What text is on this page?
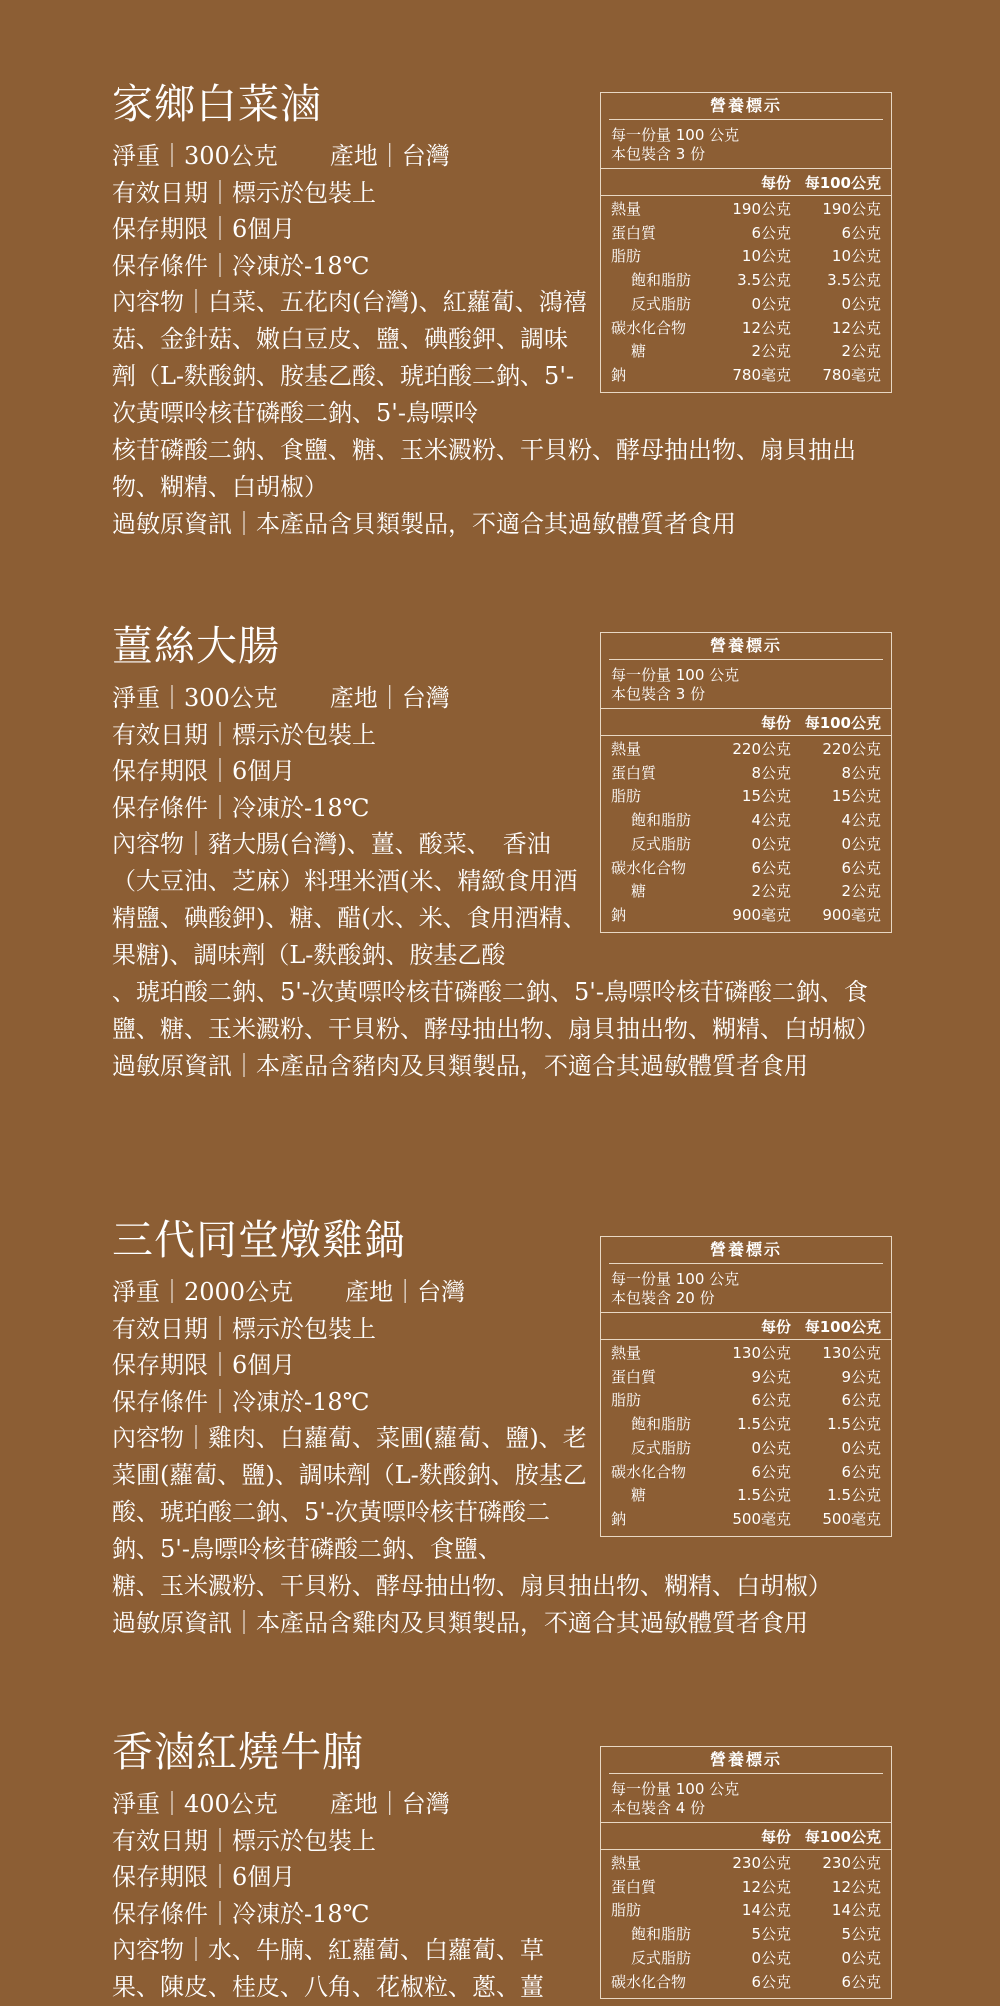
家鄉白菜滷
淨重｜300公克 產地｜台灣
有效日期｜標示於包裝上
保存期限｜6個月
保存條件｜冷凍於-18℃
內容物｜白菜、五花肉(台灣)、紅蘿蔔、鴻禧菇、金針菇、嫩白豆皮、鹽、碘酸鉀、調味劑（L-麩酸鈉、胺基乙酸、琥珀酸二鈉、5'-次黃嘌呤核苷磷酸二鈉、5'-鳥嘌呤
核苷磷酸二鈉、食鹽、糖、玉米澱粉、干貝粉、酵母抽出物、扇貝抽出物、糊精、白胡椒）
過敏原資訊｜本產品含貝類製品，不適合其過敏體質者食用
營養標示
每一份量 100 公克
本包裝含 3 份
每份 每100公克
熱量	190公克	190公克
蛋白質	6公克	6公克
脂肪	10公克	10公克
飽和脂肪	3.5公克	3.5公克
反式脂肪	0公克	0公克
碳水化合物	12公克	12公克
糖	2公克	2公克
鈉	780毫克	780毫克
薑絲大腸
淨重｜300公克 產地｜台灣
有效日期｜標示於包裝上
保存期限｜6個月
保存條件｜冷凍於-18℃
內容物｜豬大腸(台灣)、薑、酸菜、　香油（大豆油、芝麻）料理米酒(米、精緻食用酒精鹽、碘酸鉀)、糖、醋(水、米、食用酒精、果糖)、調味劑（L-麩酸鈉、胺基乙酸
、琥珀酸二鈉、5'-次黃嘌呤核苷磷酸二鈉、5'-鳥嘌呤核苷磷酸二鈉、食鹽、糖、玉米澱粉、干貝粉、酵母抽出物、扇貝抽出物、糊精、白胡椒）
過敏原資訊｜本產品含豬肉及貝類製品，不適合其過敏體質者食用
營養標示
每一份量 100 公克
本包裝含 3 份
每份 每100公克
熱量	220公克	220公克
蛋白質	8公克	8公克
脂肪	15公克	15公克
飽和脂肪	4公克	4公克
反式脂肪	0公克	0公克
碳水化合物	6公克	6公克
糖	2公克	2公克
鈉	900毫克	900毫克
三代同堂燉雞鍋
淨重｜2000公克 產地｜台灣
有效日期｜標示於包裝上
保存期限｜6個月
保存條件｜冷凍於-18℃
內容物｜雞肉、白蘿蔔、菜圃(蘿蔔、鹽)、老菜圃(蘿蔔、鹽)、調味劑（L-麩酸鈉、胺基乙酸、琥珀酸二鈉、5'-次黃嘌呤核苷磷酸二鈉、5'-鳥嘌呤核苷磷酸二鈉、食鹽、
糖、玉米澱粉、干貝粉、酵母抽出物、扇貝抽出物、糊精、白胡椒）
過敏原資訊｜本產品含雞肉及貝類製品，不適合其過敏體質者食用
營養標示
每一份量 100 公克
本包裝含 20 份
每份 每100公克
熱量	130公克	130公克
蛋白質	9公克	9公克
脂肪	6公克	6公克
飽和脂肪	1.5公克	1.5公克
反式脂肪	0公克	0公克
碳水化合物	6公克	6公克
糖	1.5公克	1.5公克
鈉	500毫克	500毫克
香滷紅燒牛腩
淨重｜400公克 產地｜台灣
有效日期｜標示於包裝上
保存期限｜6個月
保存條件｜冷凍於-18℃
內容物｜水、牛腩、紅蘿蔔、白蘿蔔、草果、陳皮、桂皮、八角、花椒粒、蔥、薑
營養標示
每一份量 100 公克
本包裝含 4 份
每份 每100公克
熱量	230公克	230公克
蛋白質	12公克	12公克
脂肪	14公克	14公克
飽和脂肪	5公克	5公克
反式脂肪	0公克	0公克
碳水化合物	6公克	6公克
